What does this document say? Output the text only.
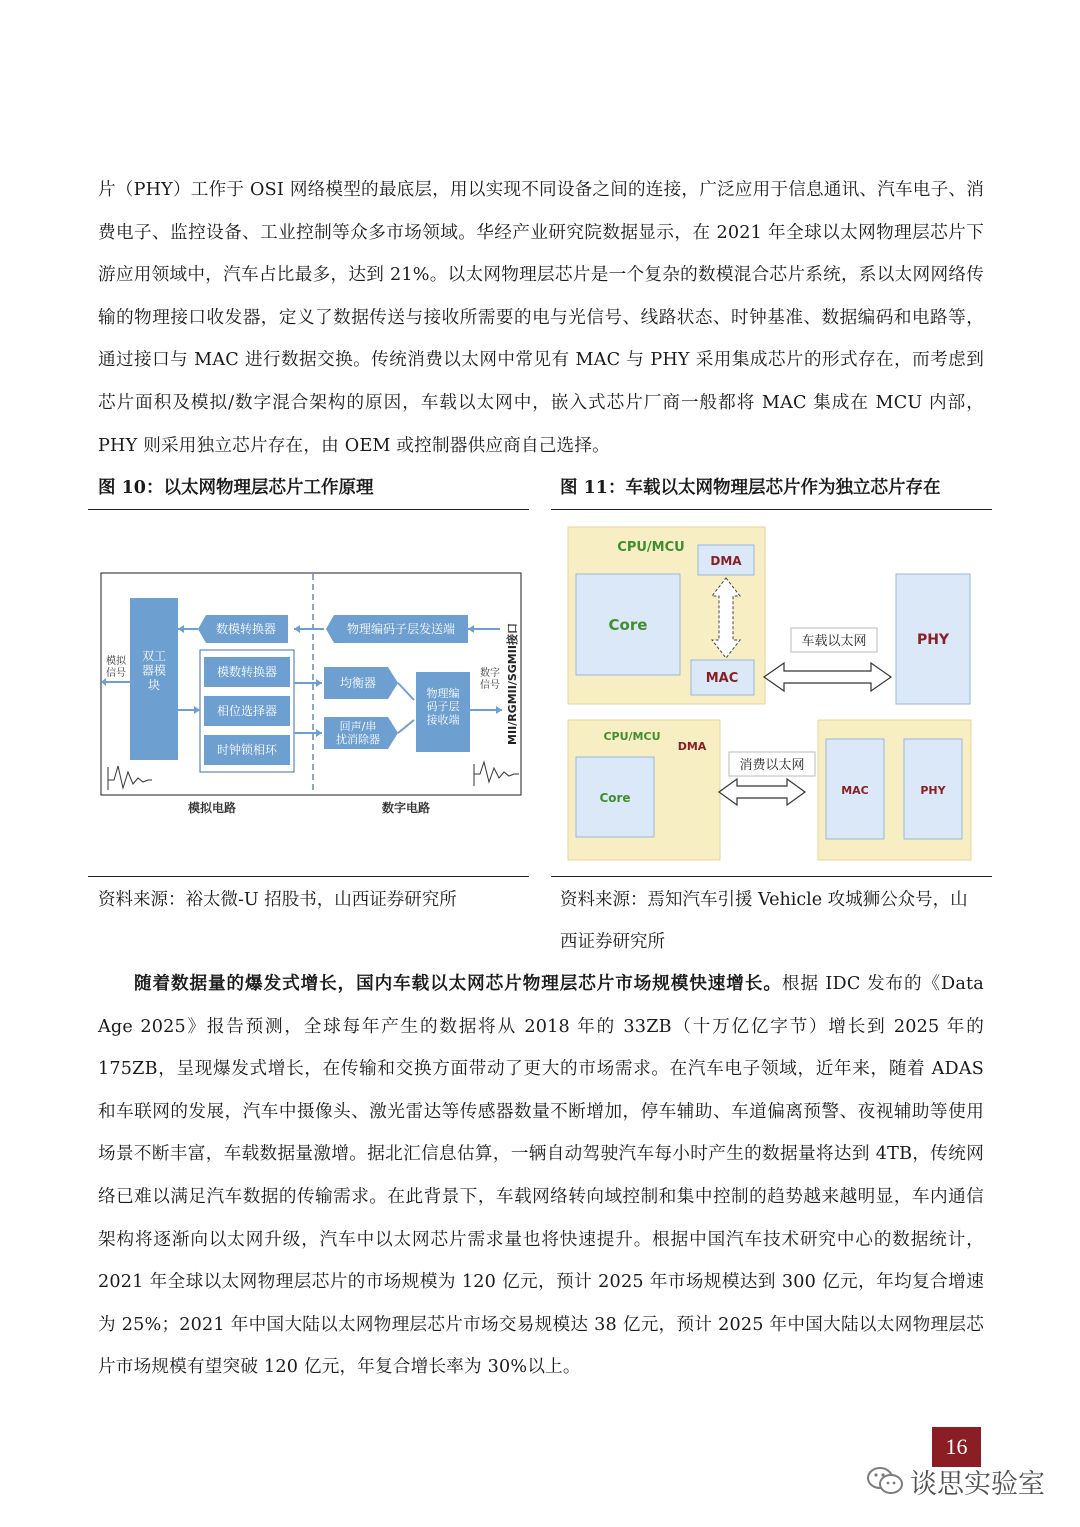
片（PHY）工作于 OSI 网络模型的最底层，用以实现不同设备之间的连接，广泛应用于信息通讯、汽车电子、消费电子、监控设备、工业控制等众多市场领域。华经产业研究院数据显示，在 2021 年全球以太网物理层芯片下游应用领域中，汽车占比最多，达到 21%。以太网物理层芯片是一个复杂的数模混合芯片系统，系以太网网络传输的物理接口收发器，定义了数据传送与接收所需要的电与光信号、线路状态、时钟基准、数据编码和电路等，通过接口与 MAC 进行数据交换。传统消费以太网中常见有 MAC 与 PHY 采用集成芯片的形式存在，而考虑到芯片面积及模拟/数字混合架构的原因，车载以太网中，嵌入式芯片厂商一般都将 MAC 集成在 MCU 内部，PHY 则采用独立芯片存在，由 OEM 或控制器供应商自己选择。

图 10：以太网物理层芯片工作原理	图 11：车载以太网物理层芯片作为独立芯片存在
模拟信号
双工器模块
数模转换器
模数转换器
相位选择器
时钟锁相环
物理编码子层发送端
均衡器
回声/串扰消除器
物理编码子层接收端
数字信号 MII/RGMII/SGMII接口
模拟电路	数字电路
CPU/MCU
DMA
Core
MAC
车载以太网	PHY
CPU/MCU
DMA
Core
消费以太网
MAC	PHY
资料来源：裕太微-U 招股书，山西证券研究所	资料来源：焉知汽车引援 Vehicle 攻城狮公众号，山西证券研究所

随着数据量的爆发式增长，国内车载以太网芯片物理层芯片市场规模快速增长。根据 IDC 发布的《Data Age 2025》报告预测，全球每年产生的数据将从 2018 年的 33ZB（十万亿亿字节）增长到 2025 年的 175ZB，呈现爆发式增长，在传输和交换方面带动了更大的市场需求。在汽车电子领域，近年来，随着 ADAS 和车联网的发展，汽车中摄像头、激光雷达等传感器数量不断增加，停车辅助、车道偏离预警、夜视辅助等使用场景不断丰富，车载数据量激增。据北汇信息估算，一辆自动驾驶汽车每小时产生的数据量将达到 4TB，传统网络已难以满足汽车数据的传输需求。在此背景下，车载网络转向域控制和集中控制的趋势越来越明显，车内通信架构将逐渐向以太网升级，汽车中以太网芯片需求量也将快速提升。根据中国汽车技术研究中心的数据统计，2021 年全球以太网物理层芯片的市场规模为 120 亿元，预计 2025 年市场规模达到 300 亿元，年均复合增速为 25%；2021 年中国大陆以太网物理层芯片市场交易规模达 38 亿元，预计 2025 年中国大陆以太网物理层芯片市场规模有望突破 120 亿元，年复合增长率为 30%以上。

16
谈思实验室
